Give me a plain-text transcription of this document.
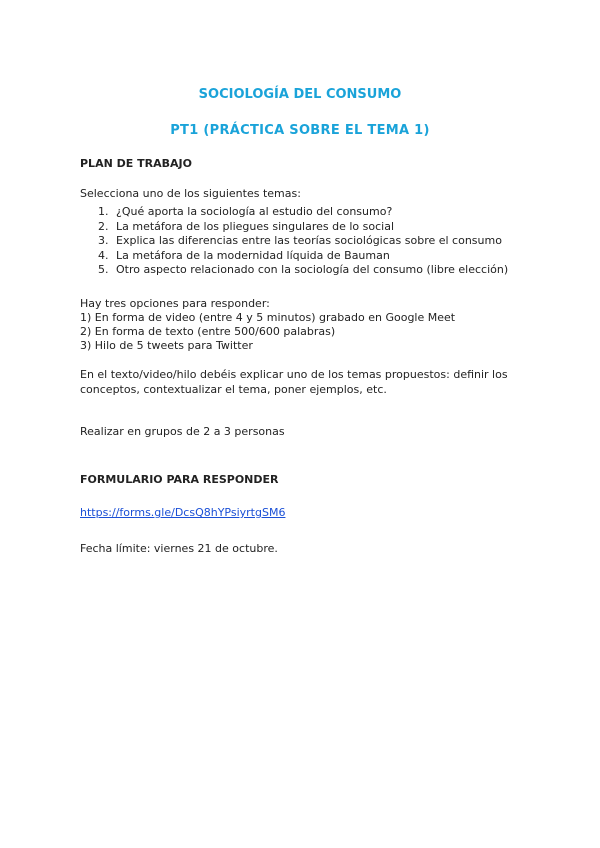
SOCIOLOGÍA DEL CONSUMO
PT1 (PRÁCTICA SOBRE EL TEMA 1)

PLAN DE TRABAJO

Selecciona uno de los siguientes temas:

1. ¿Qué aporta la sociología al estudio del consumo?
2. La metáfora de los pliegues singulares de lo social
3. Explica las diferencias entre las teorías sociológicas sobre el consumo
4. La metáfora de la modernidad líquida de Bauman
5. Otro aspecto relacionado con la sociología del consumo (libre elección)

Hay tres opciones para responder:

1) En forma de video (entre 4 y 5 minutos) grabado en Google Meet

2) En forma de texto (entre 500/600 palabras)

3) Hilo de 5 tweets para Twitter

En el texto/video/hilo debéis explicar uno de los temas propuestos: definir los conceptos, contextualizar el tema, poner ejemplos, etc.

Realizar en grupos de 2 a 3 personas

FORMULARIO PARA RESPONDER

https://forms.gle/DcsQ8hYPsiyrtgSM6

Fecha límite: viernes 21 de octubre.
